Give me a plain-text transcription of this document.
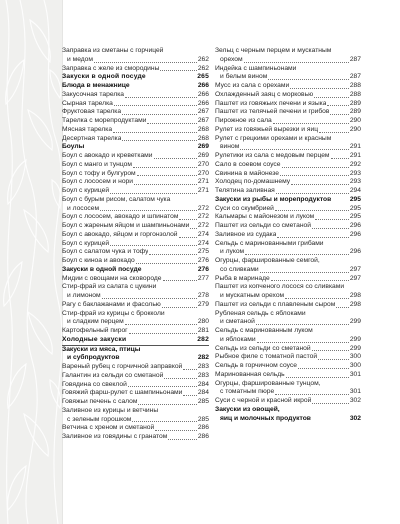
Заправка из сметаны с горчицей
и медом	262
Заправка с желе из смородины	262
Закуски в одной посуде	265
Блюда в менажнице	266
Закусочная тарелка	266
Сырная тарелка	266
Фруктовая тарелка	267
Тарелка с морепродуктами	267
Мясная тарелка	268
Десертная тарелка	268
Боулы	269
Боул с авокадо и креветками	269
Боул с манго и тунцом	270
Боул с тофу и булгуром	270
Боул с лососем и нори	271
Боул с курицей	271
Боул с бурым рисом, салатом чука
и лососем	272
Боул с лососем, авокадо и шпинатом	272
Боул с жареным яйцом и шампиньонами 272
Боул с авокадо, яйцом и горгонзолой	274
Боул с курицей	274
Боул с салатом чука и тофу	275
Боул с киноа и авокадо	276
Закуски в одной посуде	276
Мидии с овощами на сковороде	277
Стир-фрай из салата с цукини
и лимоном	278
Рагу с баклажанами и фасолью	279
Стир-фрай из курицы с брокколи
и сладким перцем	280
Картофельный пирог	281
Холодные закуски	282
Закуски из мяса, птицы
и субпродуктов	282
Вареный рубец с горчичной заправкой 283
Галантин из сельди со сметаной	283
Говядина со свеклой	284
Говяжий фарш-рулет с шампиньонами 284
Говяжьи печень с салом	285
Заливное из курицы и ветчины
с зеленым горошком	285
Ветчина с хреном и сметаной	286
Заливное из говядины с гранатом	286
Зельц с черным перцем и мускатным
орехом	287
Индейка с шампиньонами
и белым вином	287
Мусс из сала с орехами	288
Охлажденный заяц с морковью	288
Паштет из говяжьих печени и языка	289
Паштет из телячьей печени и грибов	289
Пирожное из сала	290
Рулет из говяжьей вырезки и яиц	290
Рулет с грецкими орехами и красным
вином	291
Рулетики из сала с медовым перцем	291
Сало в соевом соусе	292
Свинина в майонезе	293
Холодец по-домашнему	293
Телятина заливная	294
Закуски из рыбы и морепродуктов	295
Суси со скумбрией	295
Кальмары с майонезом и луком	295
Паштет из сельди со сметаной	296
Заливное из судака	296
Сельдь с маринованными грибами
и луком	296
Огурцы, фаршированные семгой,
со сливками	297
Рыба в маринаде	297
Паштет из копченого лосося со сливками
и мускатным орехом	298
Паштет из сельди с плавленым сыром 298
Рубленая сельдь с яблоками
и сметаной	299
Сельдь с маринованным луком
и яблоками	299
Сельдь из сельди со сметаной	299
Рыбное филе с томатной пастой	300
Сельдь в горчичном соусе	300
Маринованная сельдь	301
Огурцы, фаршированные тунцом,
с томатным пюре	301
Суси с черной и красной икрой	302
Закуски из овощей,
яиц и молочных продуктов	302
